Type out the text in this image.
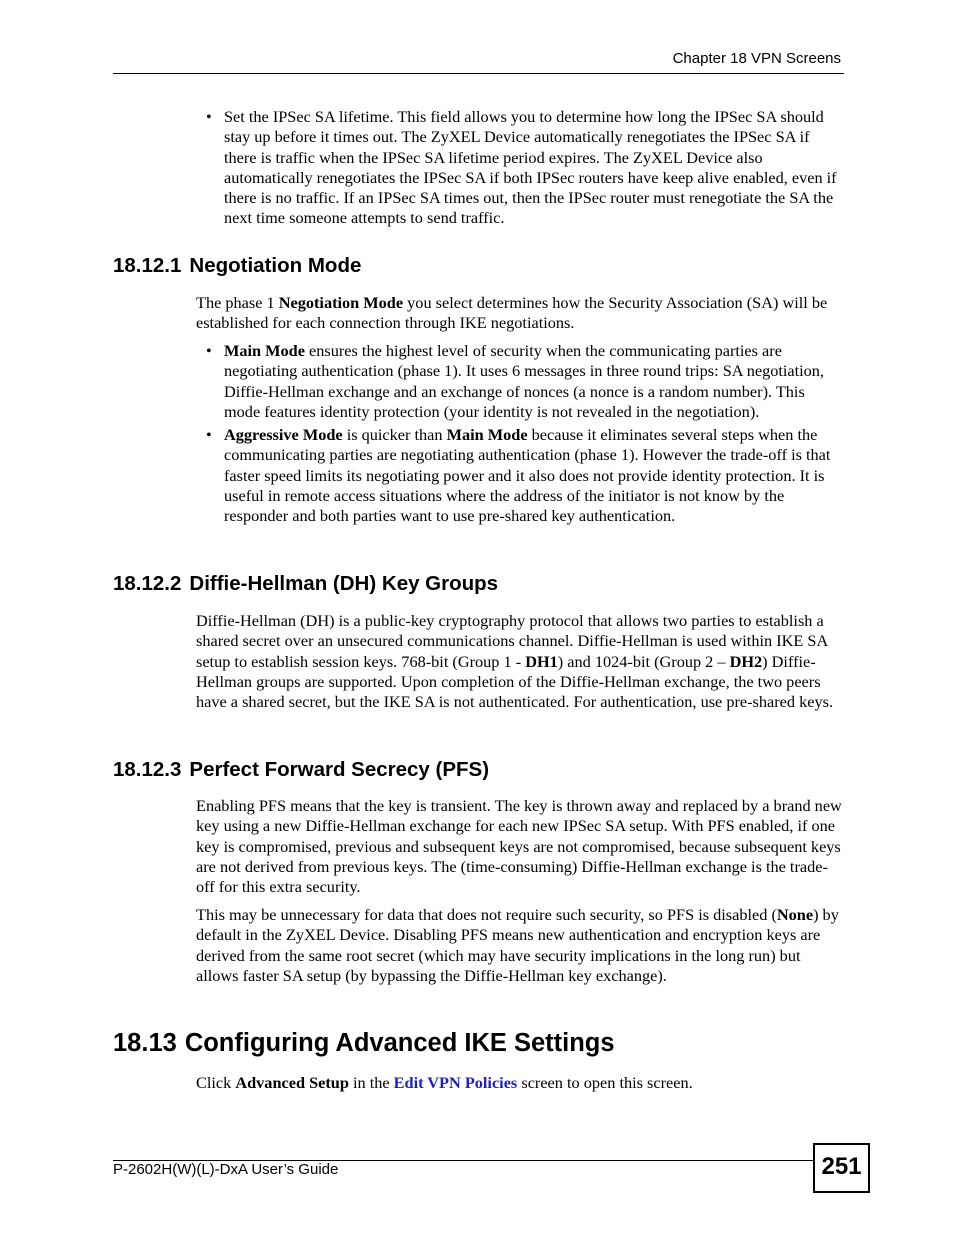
Chapter 18 VPN Screens
• Set the IPSec SA lifetime. This field allows you to determine how long the IPSec SA should stay up before it times out. The ZyXEL Device automatically renegotiates the IPSec SA if there is traffic when the IPSec SA lifetime period expires. The ZyXEL Device also automatically renegotiates the IPSec SA if both IPSec routers have keep alive enabled, even if there is no traffic. If an IPSec SA times out, then the IPSec router must renegotiate the SA the next time someone attempts to send traffic.
18.12.1 Negotiation Mode

The phase 1 Negotiation Mode you select determines how the Security Association (SA) will be established for each connection through IKE negotiations.

• Main Mode ensures the highest level of security when the communicating parties are negotiating authentication (phase 1). It uses 6 messages in three round trips: SA negotiation, Diffie-Hellman exchange and an exchange of nonces (a nonce is a random number). This mode features identity protection (your identity is not revealed in the negotiation).
• Aggressive Mode is quicker than Main Mode because it eliminates several steps when the communicating parties are negotiating authentication (phase 1). However the trade-off is that faster speed limits its negotiating power and it also does not provide identity protection. It is useful in remote access situations where the address of the initiator is not know by the responder and both parties want to use pre-shared key authentication.
18.12.2 Diffie-Hellman (DH) Key Groups

Diffie-Hellman (DH) is a public-key cryptography protocol that allows two parties to establish a shared secret over an unsecured communications channel. Diffie-Hellman is used within IKE SA setup to establish session keys. 768-bit (Group 1 - DH1) and 1024-bit (Group 2 – DH2) Diffie-Hellman groups are supported. Upon completion of the Diffie-Hellman exchange, the two peers have a shared secret, but the IKE SA is not authenticated. For authentication, use pre-shared keys.

18.12.3 Perfect Forward Secrecy (PFS)

Enabling PFS means that the key is transient. The key is thrown away and replaced by a brand new key using a new Diffie-Hellman exchange for each new IPSec SA setup. With PFS enabled, if one key is compromised, previous and subsequent keys are not compromised, because subsequent keys are not derived from previous keys. The (time-consuming) Diffie-Hellman exchange is the trade-off for this extra security.

This may be unnecessary for data that does not require such security, so PFS is disabled (None) by default in the ZyXEL Device. Disabling PFS means new authentication and encryption keys are derived from the same root secret (which may have security implications in the long run) but allows faster SA setup (by bypassing the Diffie-Hellman key exchange).

18.13 Configuring Advanced IKE Settings

Click Advanced Setup in the Edit VPN Policies screen to open this screen.

P-2602H(W)(L)-DxA User’s Guide	251
